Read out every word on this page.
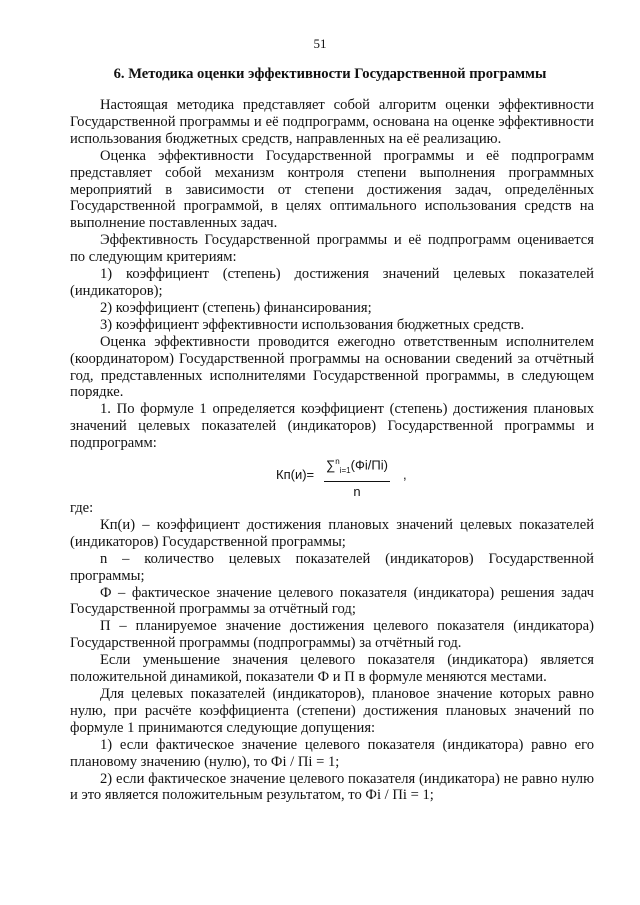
51
6. Методика оценки эффективности Государственной программы

Настоящая методика представляет собой алгоритм оценки эффективности Государственной программы и её подпрограмм, основана на оценке эффективности использования бюджетных средств, направленных на её реализацию.

Оценка эффективности Государственной программы и её подпрограмм представляет собой механизм контроля степени выполнения программных мероприятий в зависимости от степени достижения задач, определённых Государственной программой, в целях оптимального использования средств на выполнение поставленных задач.

Эффективность Государственной программы и её подпрограмм оценивается по следующим критериям:

1) коэффициент (степень) достижения значений целевых показателей (индикаторов);

2) коэффициент (степень) финансирования;

3) коэффициент эффективности использования бюджетных средств.

Оценка эффективности проводится ежегодно ответственным исполнителем (координатором) Государственной программы на основании сведений за отчётный год, представленных исполнителями Государственной программы, в следующем порядке.

1. По формуле 1 определяется коэффициент (степень) достижения плановых значений целевых показателей (индикаторов) Государственной программы и подпрограмм:

Кп(и)=
∑$^n_{i=1}$(Фi/Пi)
n
,

где:

Кп(и) – коэффициент достижения плановых значений целевых показателей (индикаторов) Государственной программы;

n – количество целевых показателей (индикаторов) Государственной программы;

Ф – фактическое значение целевого показателя (индикатора) решения задач Государственной программы за отчётный год;

П – планируемое значение достижения целевого показателя (индикатора) Государственной программы (подпрограммы) за отчётный год.

Если уменьшение значения целевого показателя (индикатора) является положительной динамикой, показатели Ф и П в формуле меняются местами.

Для целевых показателей (индикаторов), плановое значение которых равно нулю, при расчёте коэффициента (степени) достижения плановых значений по формуле 1 принимаются следующие допущения:

1) если фактическое значение целевого показателя (индикатора) равно его плановому значению (нулю), то Фi / Пi = 1;

2) если фактическое значение целевого показателя (индикатора) не равно нулю и это является положительным результатом, то Фi / Пi = 1;
